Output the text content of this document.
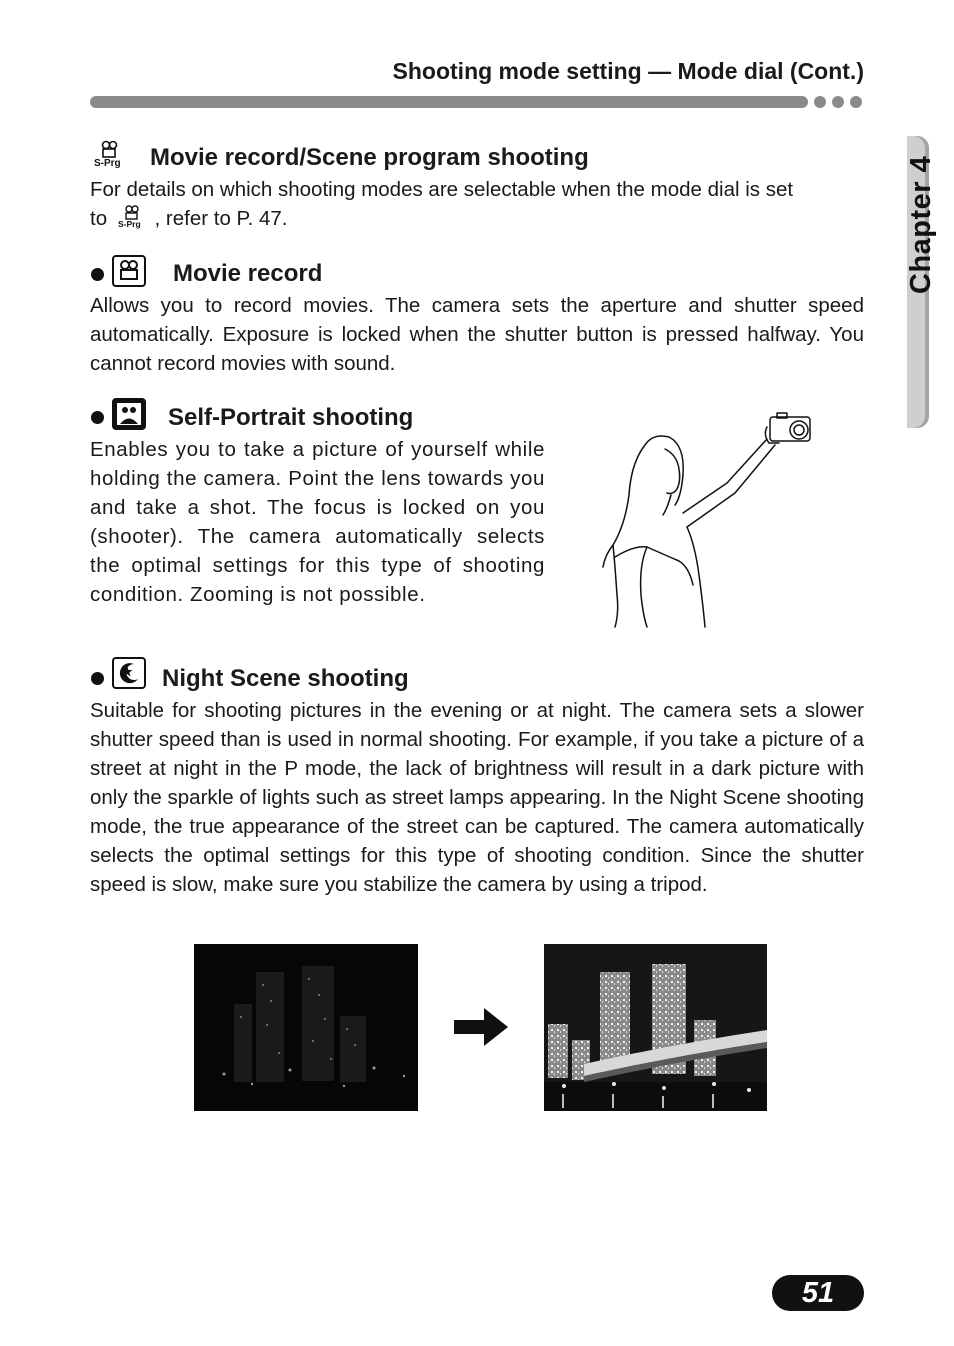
Shooting mode setting — Mode dial (Cont.)
Chapter 4
S-Prg Movie record/Scene program shooting

For details on which shooting modes are selectable when the mode dial is set

to S-Prg , refer to P. 47.
Movie record

Allows you to record movies. The camera sets the aperture and shutter speed automatically. Exposure is locked when the shutter button is pressed halfway. You cannot record movies with sound.

Self-Portrait shooting

Enables you to take a picture of yourself while holding the camera. Point the lens towards you and take a shot. The focus is locked on you (shooter). The camera automatically selects the optimal settings for this type of shooting condition. Zooming is not possible.

Night Scene shooting

Suitable for shooting pictures in the evening or at night. The camera sets a slower shutter speed than is used in normal shooting. For example, if you take a picture of a street at night in the P mode, the lack of brightness will result in a dark picture with only the sparkle of lights such as street lamps appearing. In the Night Scene shooting mode, the true appearance of the street can be captured. The camera automatically selects the optimal settings for this type of shooting condition. Since the shutter speed is slow, make sure you stabilize the camera by using a tripod.

51
